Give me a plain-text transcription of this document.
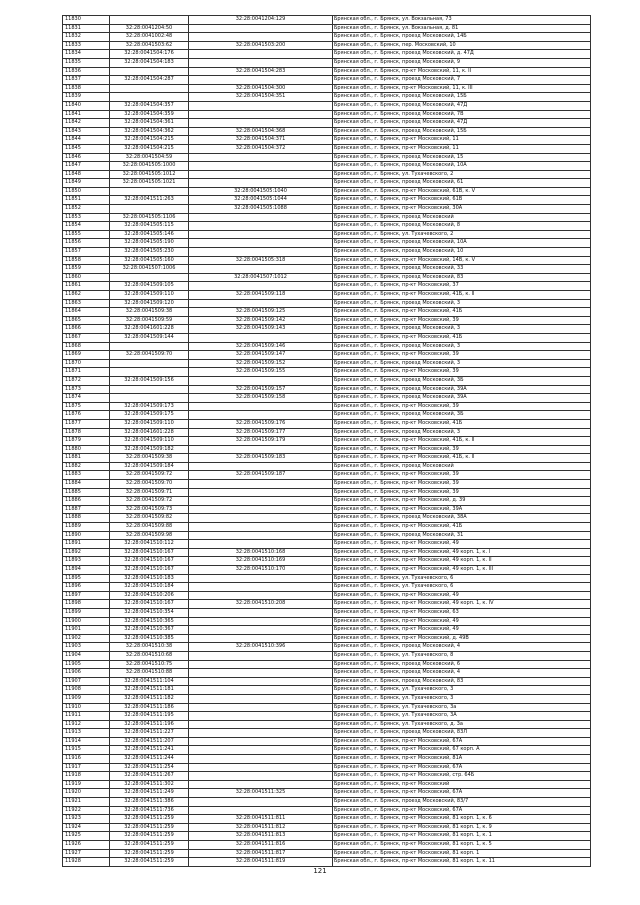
11830		32:28:0041204:129	Брянская обл., г. Брянск, ул. Вокзальная, 73
11831	32:28:0041204:50		Брянская обл., г. Брянск, ул. Вокзальная, д. 81
11832	32:28:0041002:48		Брянская обл., г. Брянск, проезд Московский, 14Б
11833	32:28:0041503:62	32:28:0041503:200	Брянская обл., г. Брянск, пер. Московский, 10
11834	32:28:0041504:176		Брянская обл., г. Брянск, проезд Московский, д. 47Д
11835	32:28:0041504:183		Брянская обл., г. Брянск, проезд Московский, 9
11836		32:28:0041504:283	Брянская обл., г. Брянск, пр-кт Московский, 11, к. II
11837	32:28:0041504:287		Брянская обл., г. Брянск, проезд Московский, 7
11838		32:28:0041504:300	Брянская обл., г. Брянск, пр-кт Московский, 11, к. III
11839		32:28:0041504:351	Брянская обл., г. Брянск, проезд Московский, 15Б
11840	32:28:0041504:357		Брянская обл., г. Брянск, проезд Московский, 47Д
11841	32:28:0041504:359		Брянская обл., г. Брянск, проезд Московский, 7В
11842	32:28:0041504:361		Брянская обл., г. Брянск, проезд Московский, 47Д
11843	32:28:0041504:362	32:28:0041504:368	Брянская обл., г. Брянск, проезд Московский, 15Б
11844	32:28:0041504:215	32:28:0041504:371	Брянская обл., г. Брянск, пр-кт Московский, 11
11845	32:28:0041504:215	32:28:0041504:372	Брянская обл., г. Брянск, пр-кт Московский, 11
11846	32:28:0041504:59		Брянская обл., г. Брянск, проезд Московский, 15
11847	32:28:0041505:1000		Брянская обл., г. Брянск, проезд Московский, 10А
11848	32:28:0041505:1012		Брянская обл., г. Брянск, ул. Тухачевского, 2
11849	32:28:0041505:1021		Брянская обл., г. Брянск, проезд Московский, 61
11850		32:28:0041505:1040	Брянская обл., г. Брянск, пр-кт Московский, 61В, к. V
11851	32:28:0041511:263	32:28:0041505:1044	Брянская обл., г. Брянск, пр-кт Московский, 61В
11852		32:28:0041505:1088	Брянская обл., г. Брянск, пр-кт Московский, 30А
11853	32:28:0041505:1106		Брянская обл., г. Брянск, проезд Московский
11854	32:28:0041505:115		Брянская обл., г. Брянск, проезд Московский, 8
11855	32:28:0041505:146		Брянская обл., г. Брянск, ул. Тухачевского, 2
11856	32:28:0041505:190		Брянская обл., г. Брянск, проезд Московский, 10А
11857	32:28:0041505:230		Брянская обл., г. Брянск, проезд Московский, 10
11858	32:28:0041505:160	32:28:0041505:318	Брянская обл., г. Брянск, пр-кт Московский, 14В, к. V
11859	32:28:0041507:1006		Брянская обл., г. Брянск, проезд Московский, 33
11860		32:28:0041507:1012	Брянская обл., г. Брянск, проезд Московский, 83
11861	32:28:0041509:105		Брянская обл., г. Брянск, пр-кт Московский, 37
11862	32:28:0041509:110	32:28:0041509:118	Брянская обл., г. Брянск, пр-кт Московский, 41Б, к. II
11863	32:28:0041509:120		Брянская обл., г. Брянск, проезд Московский, 3
11864	32:28:0041509:38	32:28:0041509:125	Брянская обл., г. Брянск, пр-кт Московский, 41Б
11865	32:28:0041509:59	32:28:0041509:142	Брянская обл., г. Брянск, пр-кт Московский, 39
11866	32:28:0041601:228	32:28:0041509:143	Брянская обл., г. Брянск, проезд Московский, 3
11867	32:28:0041509:144		Брянская обл., г. Брянск, пр-кт Московский, 41Б
11868		32:28:0041509:146	Брянская обл., г. Брянск, проезд Московский, 3
11869	32:28:0041509:70	32:28:0041509:147	Брянская обл., г. Брянск, пр-кт Московский, 39
11870		32:28:0041509:152	Брянская обл., г. Брянск, проезд Московский, 3
11871		32:28:0041509:155	Брянская обл., г. Брянск, пр-кт Московский, 39
11872	32:28:0041509:156		Брянская обл., г. Брянск, проезд Московский, 3Б
11873		32:28:0041509:157	Брянская обл., г. Брянск, проезд Московский, 39А
11874		32:28:0041509:158	Брянская обл., г. Брянск, проезд Московский, 39А
11875	32:28:0041509:173		Брянская обл., г. Брянск, пр-кт Московский, 39
11876	32:28:0041509:175		Брянская обл., г. Брянск, проезд Московский, 3Б
11877	32:28:0041509:110	32:28:0041509:176	Брянская обл., г. Брянск, пр-кт Московский, 41Б
11878	32:28:0041601:228	32:28:0041509:177	Брянская обл., г. Брянск, проезд Московский, 3
11879	32:28:0041509:110	32:28:0041509:179	Брянская обл., г. Брянск, пр-кт Московский, 41Б, к. II
11880	32:28:0041509:182		Брянская обл., г. Брянск, пр-кт Московский, 39
11881	32:28:0041509:38	32:28:0041509:183	Брянская обл., г. Брянск, пр-кт Московский, 41Б, к. II
11882	32:28:0041509:184		Брянская обл., г. Брянск, проезд Московский
11883	32:28:0041509:72	32:28:0041509:187	Брянская обл., г. Брянск, пр-кт Московский, 39
11884	32:28:0041509:70		Брянская обл., г. Брянск, пр-кт Московский, 39
11885	32:28:0041509:71		Брянская обл., г. Брянск, пр-кт Московский, 39
11886	32:28:0041509:72		Брянская обл., г. Брянск, пр-кт Московский, д. 39
11887	32:28:0041509:73		Брянская обл., г. Брянск, пр-кт Московский, 39А
11888	32:28:0041509:82		Брянская обл., г. Брянск, проезд Московский, 38А
11889	32:28:0041509:88		Брянская обл., г. Брянск, пр-кт Московский, 41Б
11890	32:28:0041509:98		Брянская обл., г. Брянск, проезд Московский, 31
11891	32:28:0041510:112		Брянская обл., г. Брянск, пр-кт Московский, 49
11892	32:28:0041510:167	32:28:0041510:168	Брянская обл., г. Брянск, пр-кт Московский, 49 корп. 1, к. I
11893	32:28:0041510:167	32:28:0041510:169	Брянская обл., г. Брянск, пр-кт Московский, 49 корп. 1, к. II
11894	32:28:0041510:167	32:28:0041510:170	Брянская обл., г. Брянск, пр-кт Московский, 49 корп. 1, к. III
11895	32:28:0041510:183		Брянская обл., г. Брянск, ул. Тухачевского, 6
11896	32:28:0041510:184		Брянская обл., г. Брянск, ул. Тухачевского, 6
11897	32:28:0041510:206		Брянская обл., г. Брянск, пр-кт Московский, 49
11898	32:28:0041510:167	32:28:0041510:208	Брянская обл., г. Брянск, пр-кт Московский, 49 корп. 1, к. IV
11899	32:28:0041510:354		Брянская обл., г. Брянск, пр-кт Московский, 63
11900	32:28:0041510:365		Брянская обл., г. Брянск, пр-кт Московский, 49
11901	32:28:0041510:367		Брянская обл., г. Брянск, пр-кт Московский, 49
11902	32:28:0041510:385		Брянская обл., г. Брянск, пр-кт Московский, д. 49В
11903	32:28:0041510:38	32:28:0041510:396	Брянская обл., г. Брянск, проезд Московский, 4
11904	32:28:0041510:68		Брянская обл., г. Брянск, ул. Тухачевского, 8
11905	32:28:0041510:75		Брянская обл., г. Брянск, проезд Московский, 6
11906	32:28:0041510:88		Брянская обл., г. Брянск, проезд Московский, 4
11907	32:28:0041511:104		Брянская обл., г. Брянск, проезд Московский, 83
11908	32:28:0041511:181		Брянская обл., г. Брянск, ул. Тухачевского, 3
11909	32:28:0041511:182		Брянская обл., г. Брянск, ул. Тухачевского, 3
11910	32:28:0041511:186		Брянская обл., г. Брянск, ул. Тухачевского, 3а
11911	32:28:0041511:195		Брянская обл., г. Брянск, ул. Тухачевского, 3А
11912	32:28:0041511:196		Брянская обл., г. Брянск, ул. Тухачевского, д. 3а
11913	32:28:0041511:227		Брянская обл., г. Брянск, проезд Московский, 83Л
11914	32:28:0041511:207		Брянская обл., г. Брянск, пр-кт Московский, 67А
11915	32:28:0041511:241		Брянская обл., г. Брянск, пр-кт Московский, 67 корп. А
11916	32:28:0041511:244		Брянская обл., г. Брянск, пр-кт Московский, 81А
11917	32:28:0041511:254		Брянская обл., г. Брянск, пр-кт Московский, 67А
11918	32:28:0041511:267		Брянская обл., г. Брянск, пр-кт Московский, стр. 64Б
11919	32:28:0041511:302		Брянская обл., г. Брянск, пр-кт Московский
11920	32:28:0041511:249	32:28:0041511:325	Брянская обл., г. Брянск, пр-кт Московский, 67А
11921	32:28:0041511:386		Брянская обл., г. Брянск, проезд Московский, 83/7
11922	32:28:0041511:736		Брянская обл., г. Брянск, пр-кт Московский, 67А
11923	32:28:0041511:259	32:28:0041511:811	Брянская обл., г. Брянск, пр-кт Московский, 81 корп. 1, к. 6
11924	32:28:0041511:259	32:28:0041511:812	Брянская обл., г. Брянск, пр-кт Московский, 81 корп. 1, к. 9
11925	32:28:0041511:259	32:28:0041511:813	Брянская обл., г. Брянск, пр-кт Московский, 81 корп. 1, к. 1
11926	32:28:0041511:259	32:28:0041511:816	Брянская обл., г. Брянск, пр-кт Московский, 81 корп. 1, к. 5
11927	32:28:0041511:259	32:28:0041511:817	Брянская обл., г. Брянск, пр-кт Московский, 81 корп. 1
11928	32:28:0041511:259	32:28:0041511:819	Брянская обл., г. Брянск, пр-кт Московский, 81 корп. 1, к. 11
121
